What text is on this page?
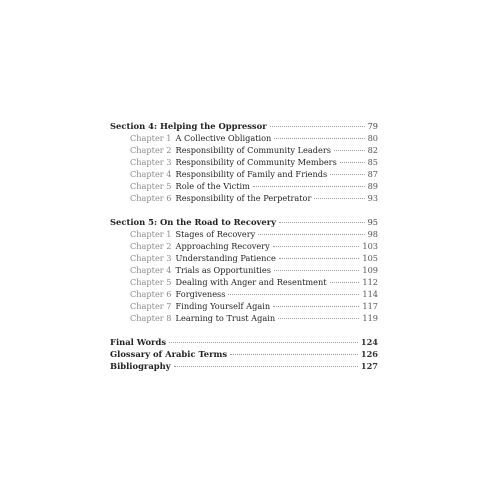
Section 4: Helping the Oppressor	79
Chapter 1 A Collective Obligation	80
Chapter 2 Responsibility of Community Leaders	82
Chapter 3 Responsibility of Community Members	85
Chapter 4 Responsibility of Family and Friends	87
Chapter 5 Role of the Victim	89
Chapter 6 Responsibility of the Perpetrator	93
Section 5: On the Road to Recovery	95
Chapter 1 Stages of Recovery	98
Chapter 2 Approaching Recovery	103
Chapter 3 Understanding Patience	105
Chapter 4 Trials as Opportunities	109
Chapter 5 Dealing with Anger and Resentment	112
Chapter 6 Forgiveness	114
Chapter 7 Finding Yourself Again	117
Chapter 8 Learning to Trust Again	119
Final Words	124
Glossary of Arabic Terms	126
Bibliography	127
